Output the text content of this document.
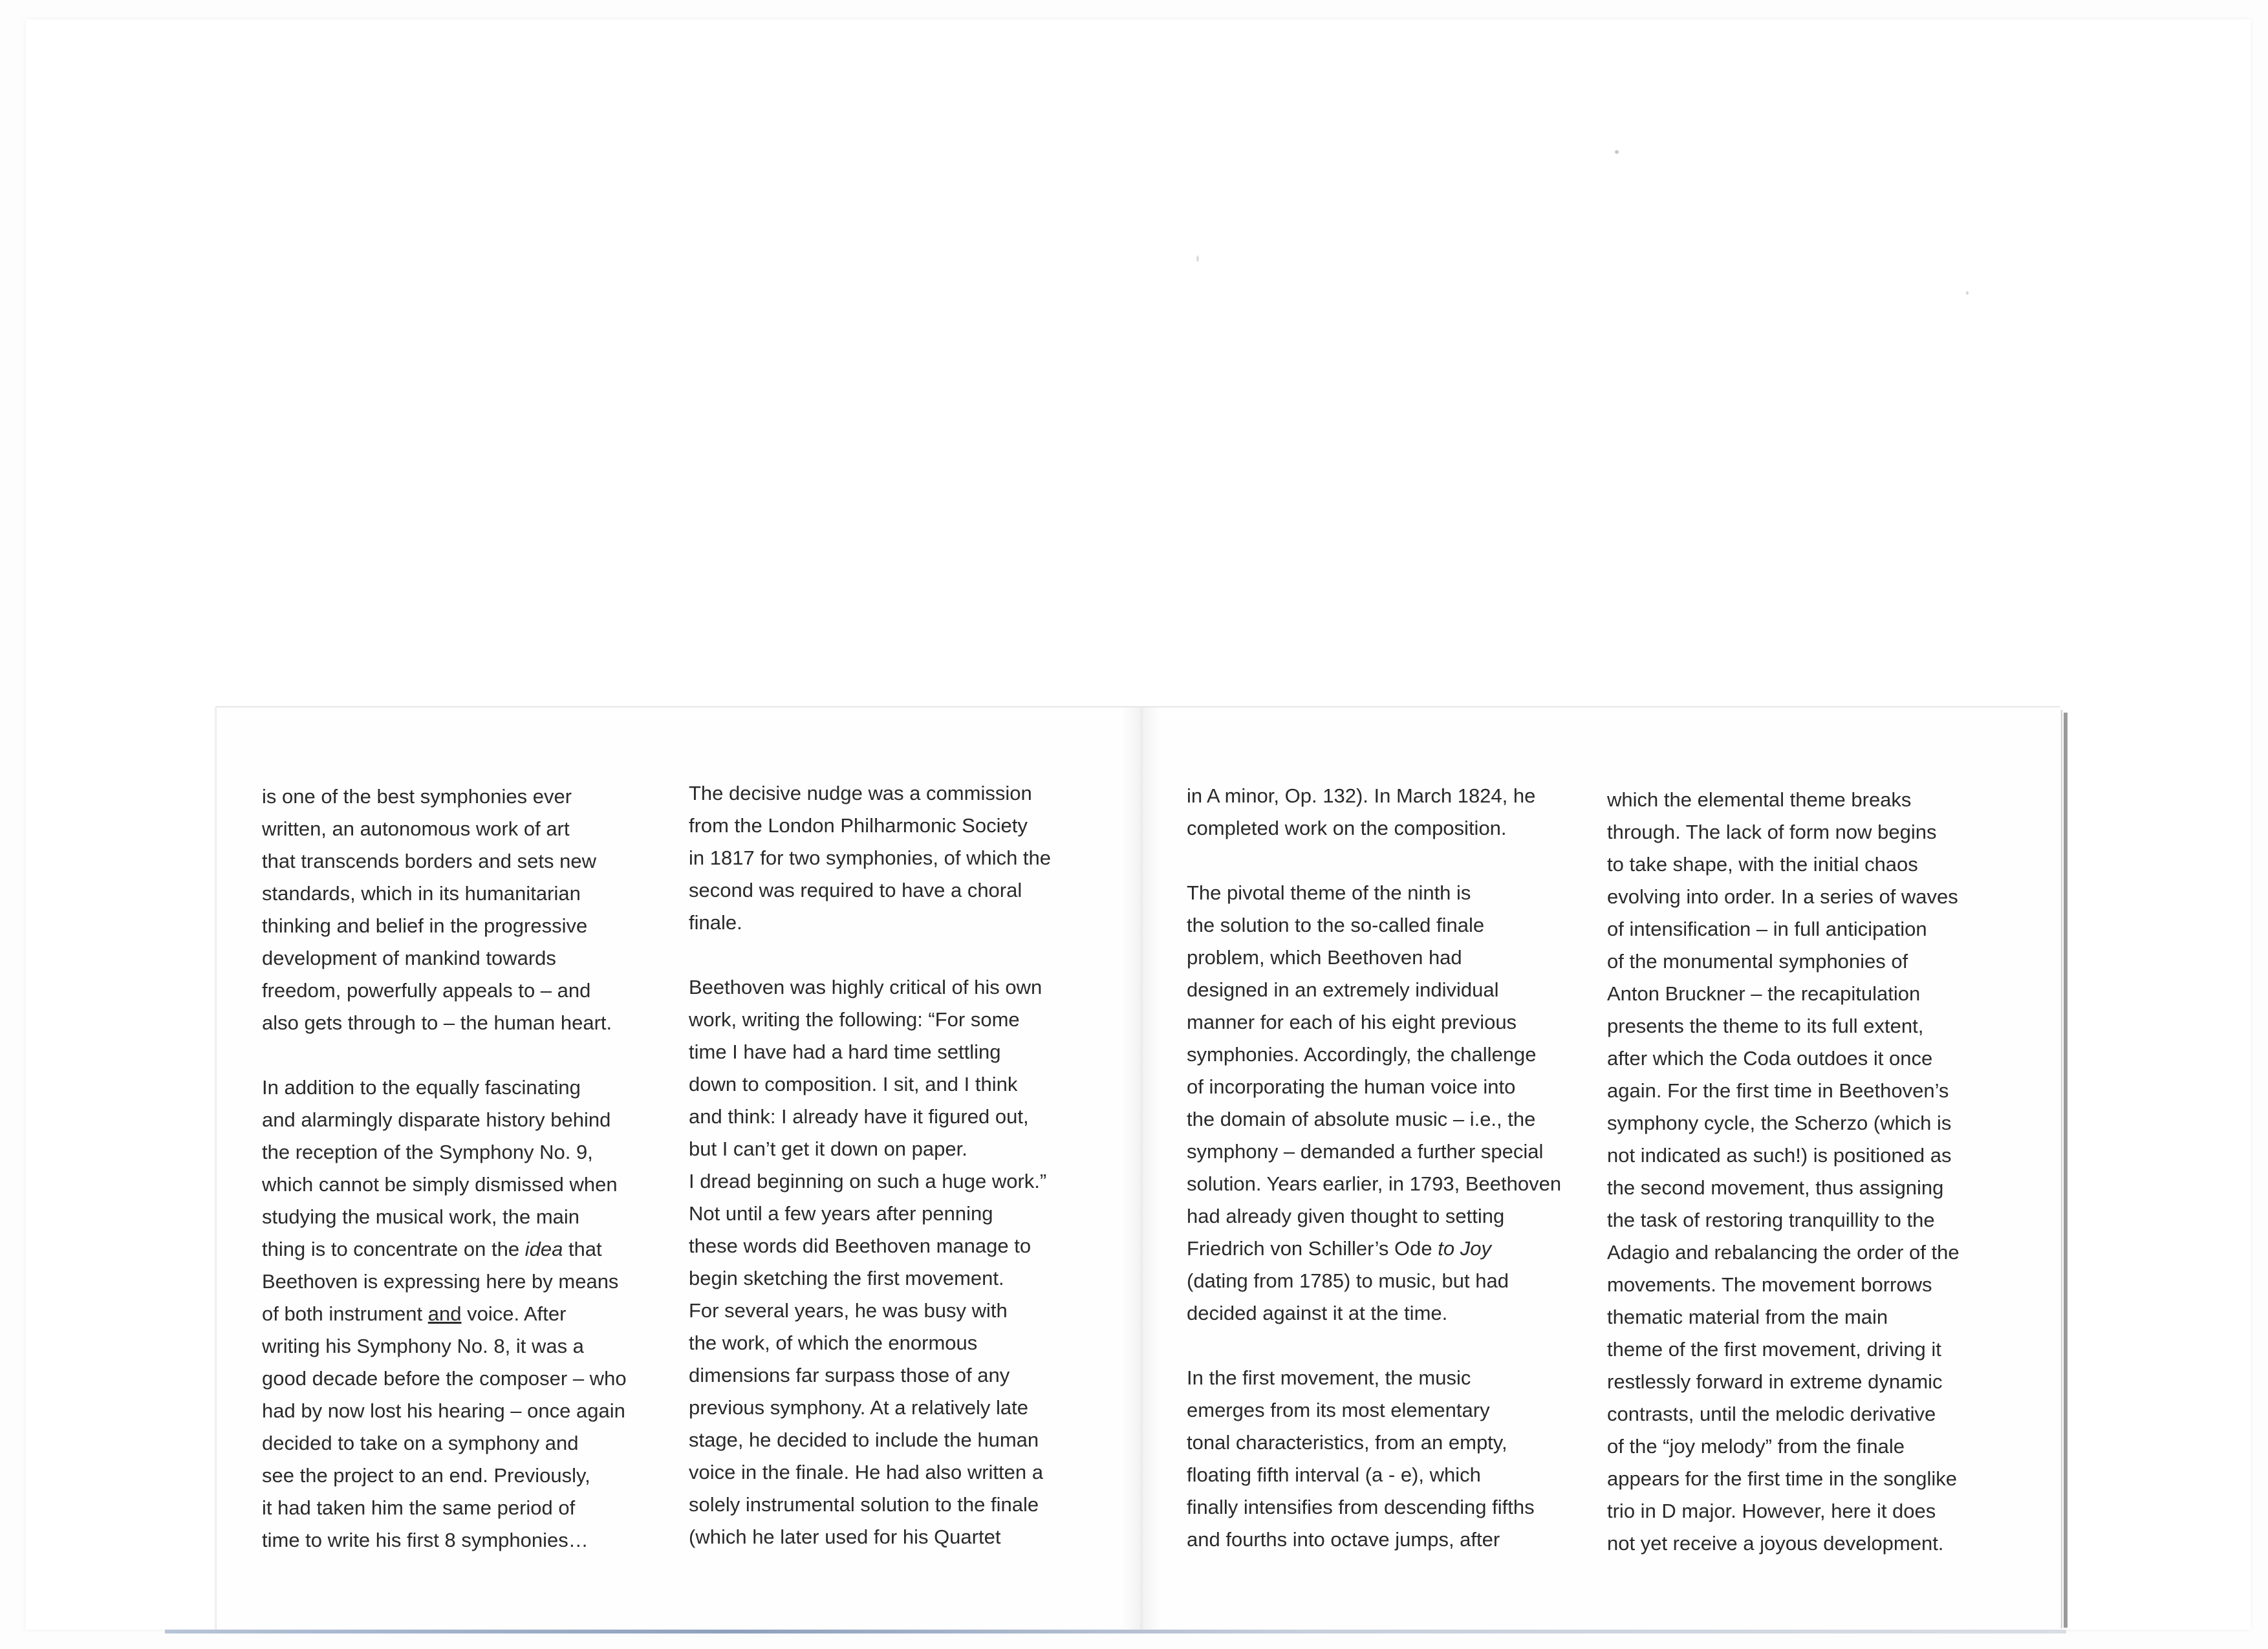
is one of the best symphonies ever
written, an autonomous work of art
that transcends borders and sets new
standards, which in its humanitarian
thinking and belief in the progressive
development of mankind towards
freedom, powerfully appeals to – and
also gets through to – the human heart.
In addition to the equally fascinating
and alarmingly disparate history behind
the reception of the Symphony No. 9,
which cannot be simply dismissed when
studying the musical work, the main
thing is to concentrate on the idea that
Beethoven is expressing here by means
of both instrument and voice. After
writing his Symphony No. 8, it was a
good decade before the composer – who
had by now lost his hearing – once again
decided to take on a symphony and
see the project to an end. Previously,
it had taken him the same period of
time to write his first 8 symphonies…
The decisive nudge was a commission
from the London Philharmonic Society
in 1817 for two symphonies, of which the
second was required to have a choral
finale.
Beethoven was highly critical of his own
work, writing the following: “For some
time I have had a hard time settling
down to composition. I sit, and I think
and think: I already have it figured out,
but I can’t get it down on paper.
I dread beginning on such a huge work.”
Not until a few years after penning
these words did Beethoven manage to
begin sketching the first movement.
For several years, he was busy with
the work, of which the enormous
dimensions far surpass those of any
previous symphony. At a relatively late
stage, he decided to include the human
voice in the finale. He had also written a
solely instrumental solution to the finale
(which he later used for his Quartet
in A minor, Op. 132). In March 1824, he
completed work on the composition.
The pivotal theme of the ninth is
the solution to the so-called finale
problem, which Beethoven had
designed in an extremely individual
manner for each of his eight previous
symphonies. Accordingly, the challenge
of incorporating the human voice into
the domain of absolute music – i.e., the
symphony – demanded a further special
solution. Years earlier, in 1793, Beethoven
had already given thought to setting
Friedrich von Schiller’s Ode to Joy
(dating from 1785) to music, but had
decided against it at the time.
In the first movement, the music
emerges from its most elementary
tonal characteristics, from an empty,
floating fifth interval (a - e), which
finally intensifies from descending fifths
and fourths into octave jumps, after
which the elemental theme breaks
through. The lack of form now begins
to take shape, with the initial chaos
evolving into order. In a series of waves
of intensification – in full anticipation
of the monumental symphonies of
Anton Bruckner – the recapitulation
presents the theme to its full extent,
after which the Coda outdoes it once
again. For the first time in Beethoven’s
symphony cycle, the Scherzo (which is
not indicated as such!) is positioned as
the second movement, thus assigning
the task of restoring tranquillity to the
Adagio and rebalancing the order of the
movements. The movement borrows
thematic material from the main
theme of the first movement, driving it
restlessly forward in extreme dynamic
contrasts, until the melodic derivative
of the “joy melody” from the finale
appears for the first time in the songlike
trio in D major. However, here it does
not yet receive a joyous development.
